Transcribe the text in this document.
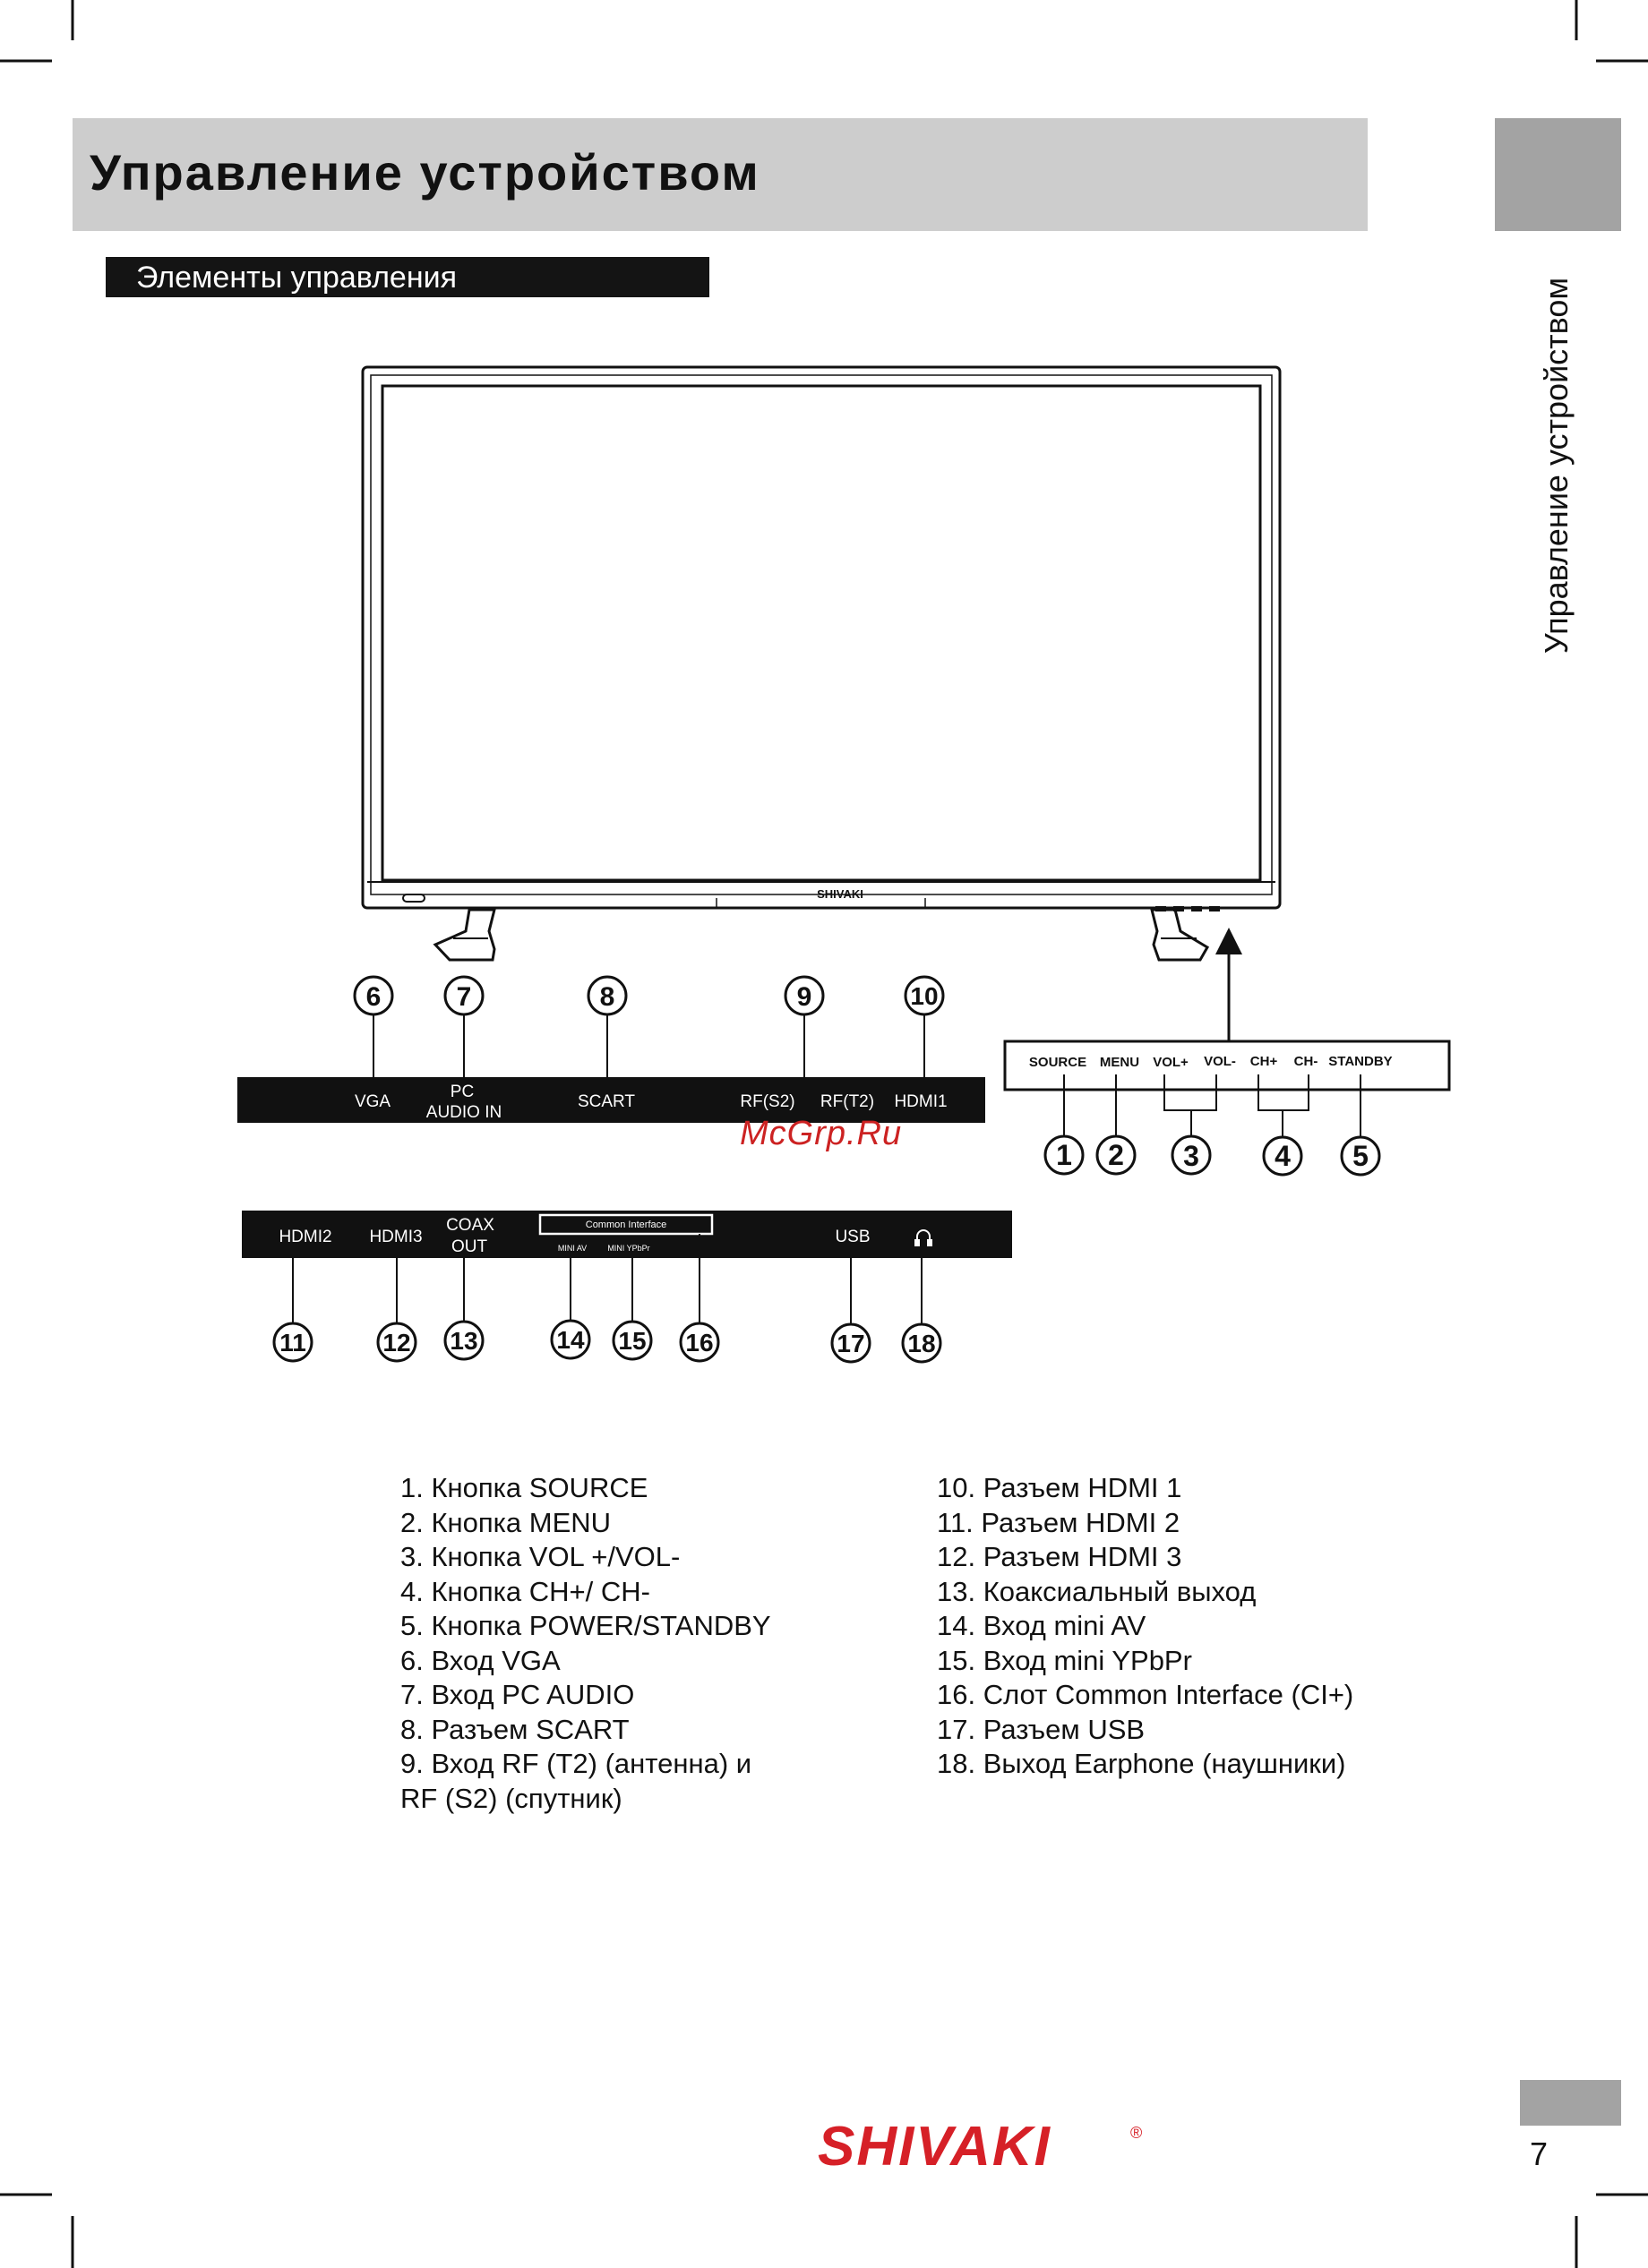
Управление устройством
Элементы управления	Управление устройством
SHIVAKI
VGA
PC
AUDIO IN
SCART	RF(S2) RF(T2) HDMI1
6	7	8	9	10
SOURCE MENU VOL+ VOL- CH+ CH- STANDBY
1 2 3	4 5
HDMI2 HDMI3
COAX
OUT
USB
Common Interface
MINI AV	MINI YPbPr
11	12 13	14 15 16	17 18
McGrp.Ru
1. Кнопка SOURCE
2. Кнопка MENU
3. Кнопка VOL +/VOL-
4. Кнопка CH+/ CH-
5. Кнопка POWER/STANDBY
6. Вход VGA
7. Вход PC AUDIO
8. Разъем SCART
9. Вход RF (T2) (антенна) и
RF (S2) (спутник)
10. Разъем HDMI 1
11. Разъем HDMI 2
12. Разъем HDMI 3
13. Коаксиальный выход
14. Вход mini AV
15. Вход mini YPbPr
16. Слот Common Interface (CI+)
17. Разъем USB
18. Выход Earphone (наушники)
SHIVAKI	®
7
